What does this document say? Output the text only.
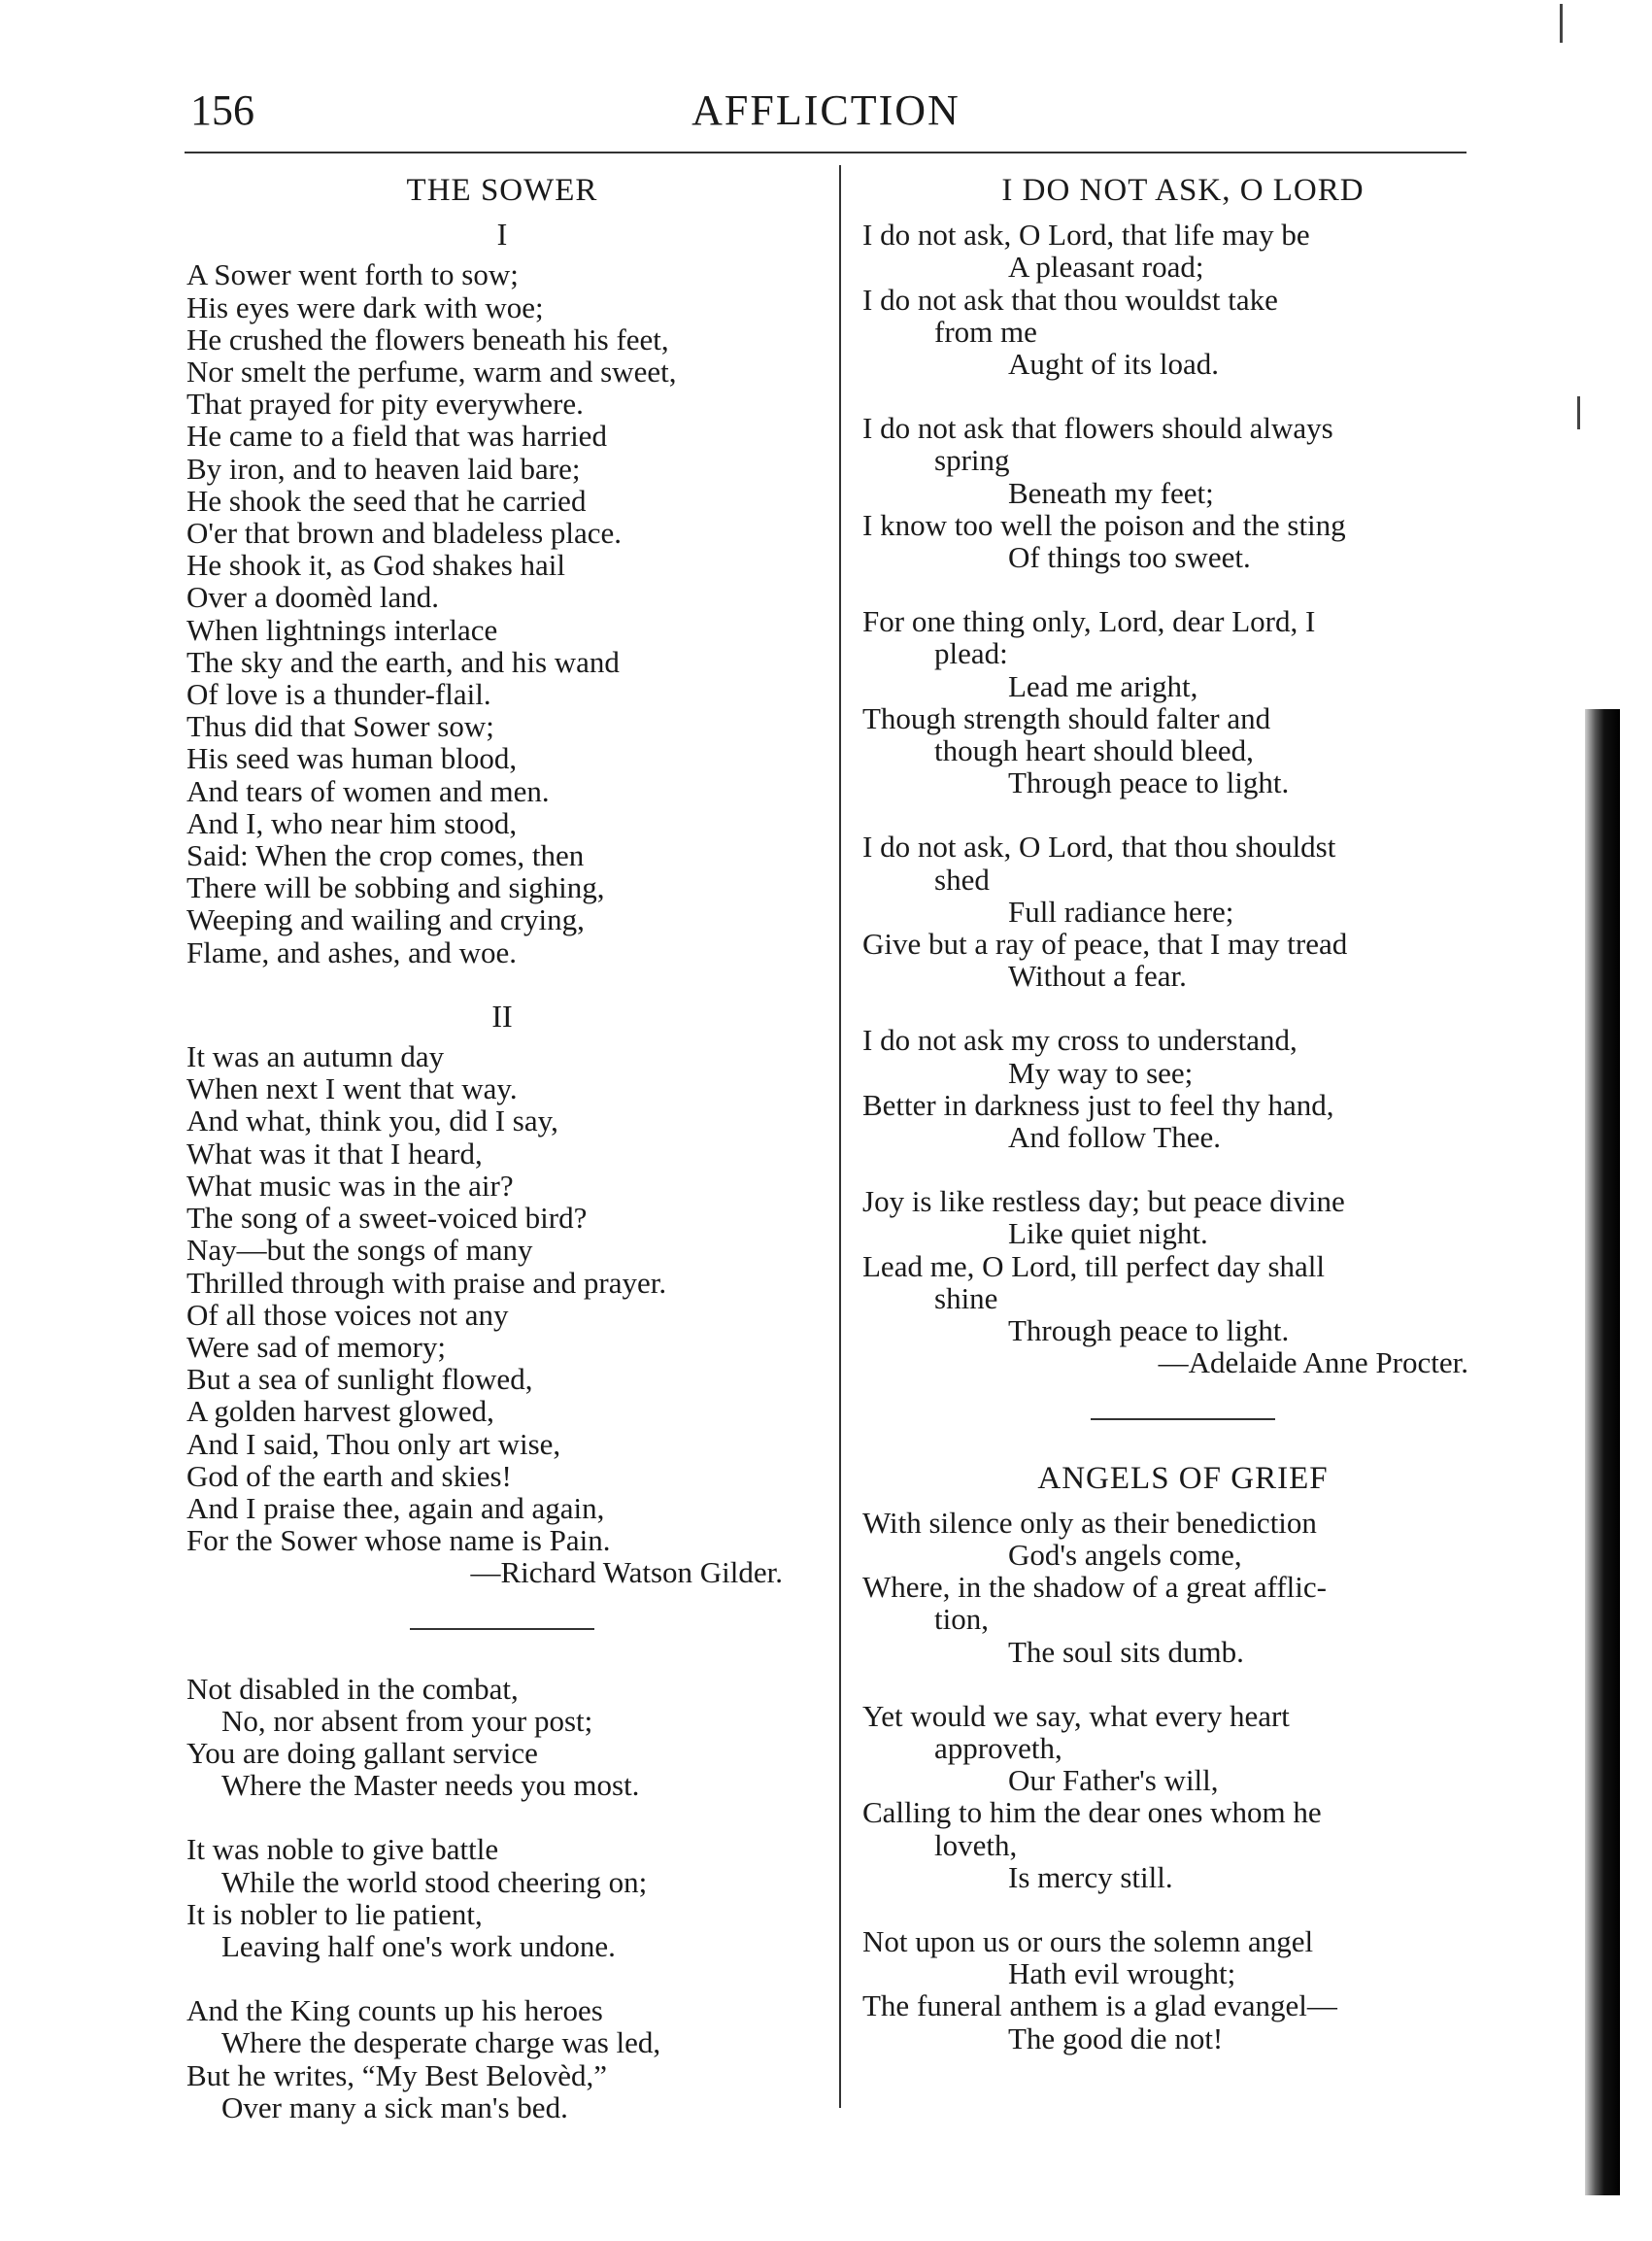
156	AFFLICTION
THE SOWER
I
A Sower went forth to sow;
His eyes were dark with woe;
He crushed the flowers beneath his feet,
Nor smelt the perfume, warm and sweet,
That prayed for pity everywhere.
He came to a field that was harried
By iron, and to heaven laid bare;
He shook the seed that he carried
O'er that brown and bladeless place.
He shook it, as God shakes hail
Over a doomèd land.
When lightnings interlace
The sky and the earth, and his wand
Of love is a thunder-flail.
Thus did that Sower sow;
His seed was human blood,
And tears of women and men.
And I, who near him stood,
Said: When the crop comes, then
There will be sobbing and sighing,
Weeping and wailing and crying,
Flame, and ashes, and woe.
II
It was an autumn day
When next I went that way.
And what, think you, did I say,
What was it that I heard,
What music was in the air?
The song of a sweet-voiced bird?
Nay—but the songs of many
Thrilled through with praise and prayer.
Of all those voices not any
Were sad of memory;
But a sea of sunlight flowed,
A golden harvest glowed,
And I said, Thou only art wise,
God of the earth and skies!
And I praise thee, again and again,
For the Sower whose name is Pain.
—Richard Watson Gilder.
Not disabled in the combat,
No, nor absent from your post;
You are doing gallant service
Where the Master needs you most.
It was noble to give battle
While the world stood cheering on;
It is nobler to lie patient,
Leaving half one's work undone.
And the King counts up his heroes
Where the desperate charge was led,
But he writes, “My Best Belovèd,”
Over many a sick man's bed.
I DO NOT ASK, O LORD
I do not ask, O Lord, that life may be
A pleasant road;
I do not ask that thou wouldst take
from me
Aught of its load.
I do not ask that flowers should always
spring
Beneath my feet;
I know too well the poison and the sting
Of things too sweet.
For one thing only, Lord, dear Lord, I
plead:
Lead me aright,
Though strength should falter and
though heart should bleed,
Through peace to light.
I do not ask, O Lord, that thou shouldst
shed
Full radiance here;
Give but a ray of peace, that I may tread
Without a fear.
I do not ask my cross to understand,
My way to see;
Better in darkness just to feel thy hand,
And follow Thee.
Joy is like restless day; but peace divine
Like quiet night.
Lead me, O Lord, till perfect day shall
shine
Through peace to light.
—Adelaide Anne Procter.
ANGELS OF GRIEF
With silence only as their benediction
God's angels come,
Where, in the shadow of a great afflic-
tion,
The soul sits dumb.
Yet would we say, what every heart
approveth,
Our Father's will,
Calling to him the dear ones whom he
loveth,
Is mercy still.
Not upon us or ours the solemn angel
Hath evil wrought;
The funeral anthem is a glad evangel—
The good die not!
